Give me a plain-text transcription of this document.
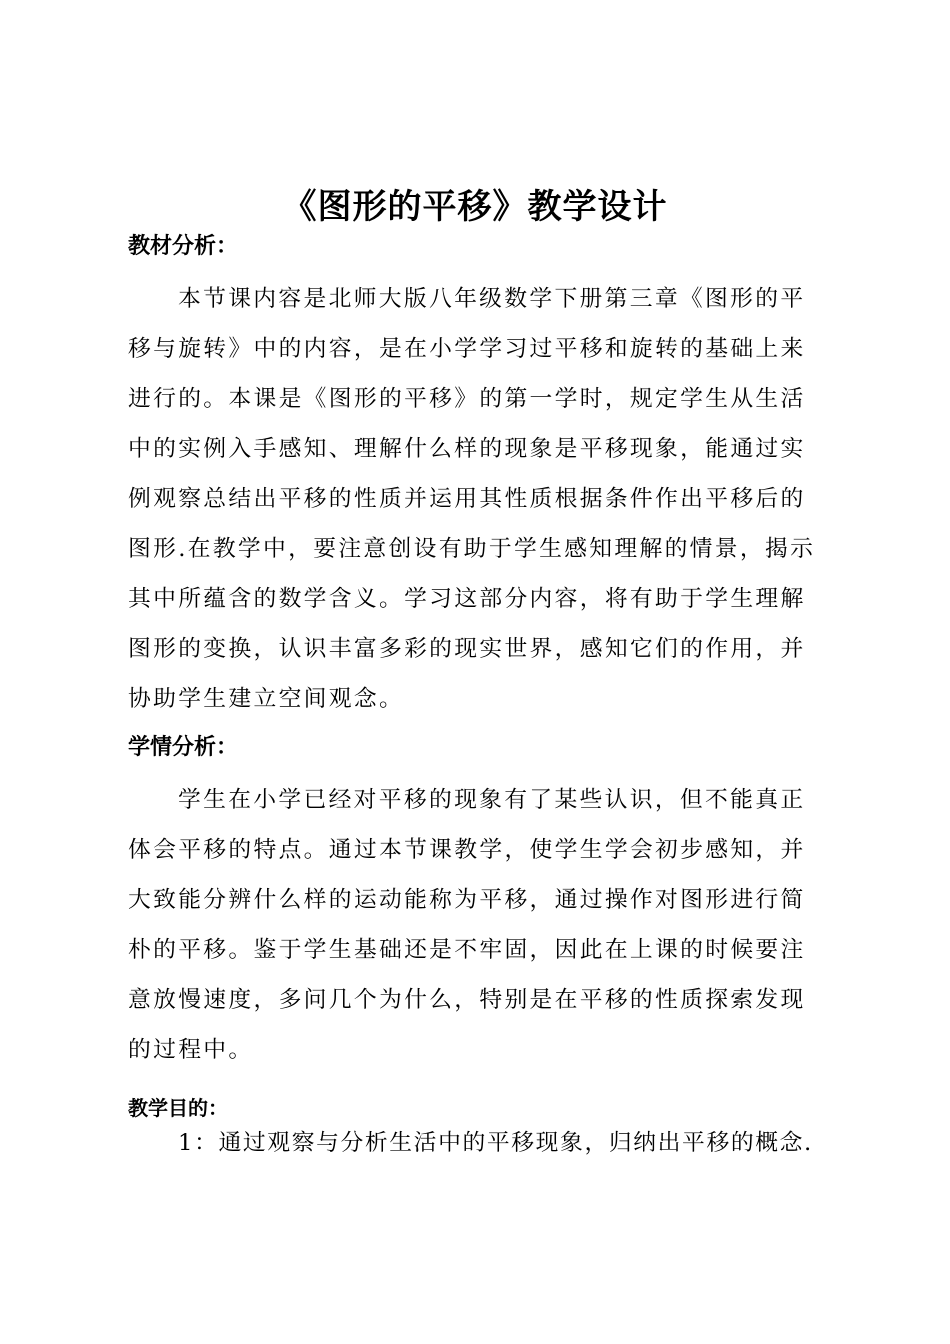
《图形的平移》教学设计
教材分析：

本节课内容是北师大版八年级数学下册第三章《图形的平移与旋转》中的内容，是在小学学习过平移和旋转的基础上来进行的。本课是《图形的平移》的第一学时，规定学生从生活中的实例入手感知、理解什么样的现象是平移现象，能通过实例观察总结出平移的性质并运用其性质根据条件作出平移后的图形.在教学中，要注意创设有助于学生感知理解的情景，揭示其中所蕴含的数学含义。学习这部分内容，将有助于学生理解图形的变换，认识丰富多彩的现实世界，感知它们的作用，并协助学生建立空间观念。

学情分析：

学生在小学已经对平移的现象有了某些认识，但不能真正体会平移的特点。通过本节课教学，使学生学会初步感知，并大致能分辨什么样的运动能称为平移，通过操作对图形进行简朴的平移。鉴于学生基础还是不牢固，因此在上课的时候要注意放慢速度，多问几个为什么，特别是在平移的性质探索发现的过程中。

教学目的：

1：通过观察与分析生活中的平移现象，归纳出平移的概念.
